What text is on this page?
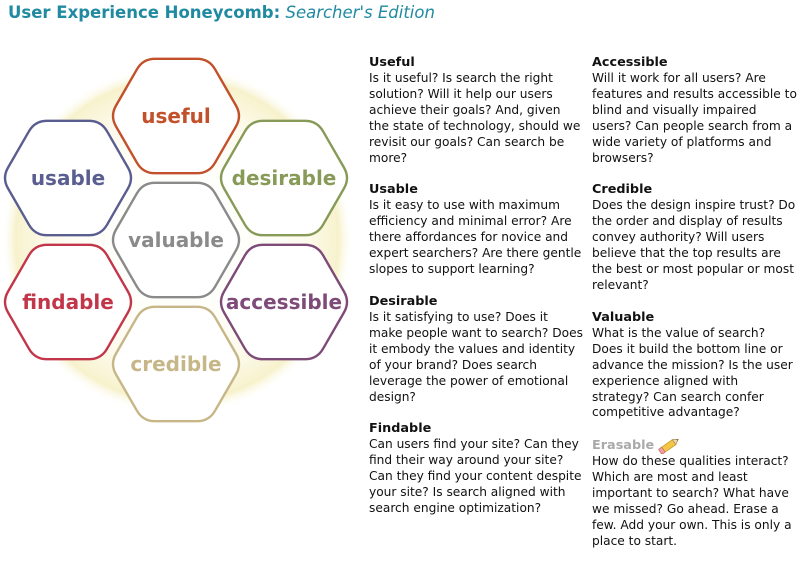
User Experience Honeycomb: Searcher's Edition
useful
usable	desirable
valuable
findable	accessible
credible
Useful

Is it useful? Is search the right solution? Will it help our users achieve their goals? And, given the state of technology, should we revisit our goals? Can search be more?

Usable

Is it easy to use with maximum efficiency and minimal error? Are there affordances for novice and expert searchers? Are there gentle slopes to support learning?

Desirable

Is it satisfying to use? Does it make people want to search? Does it embody the values and identity of your brand? Does search leverage the power of emotional design?

Findable

Can users find your site? Can they find their way around your site? Can they find your content despite your site? Is search aligned with search engine optimization?

Accessible

Will it work for all users? Are features and results accessible to blind and visually impaired users? Can people search from a wide variety of platforms and browsers?

Credible

Does the design inspire trust? Do the order and display of results convey authority? Will users believe that the top results are the best or most popular or most relevant?

Valuable

What is the value of search? Does it build the bottom line or advance the mission? Is the user experience aligned with strategy? Can search confer competitive advantage?

Erasable

How do these qualities interact? Which are most and least important to search? What have we missed? Go ahead. Erase a few. Add your own. This is only a place to start.
